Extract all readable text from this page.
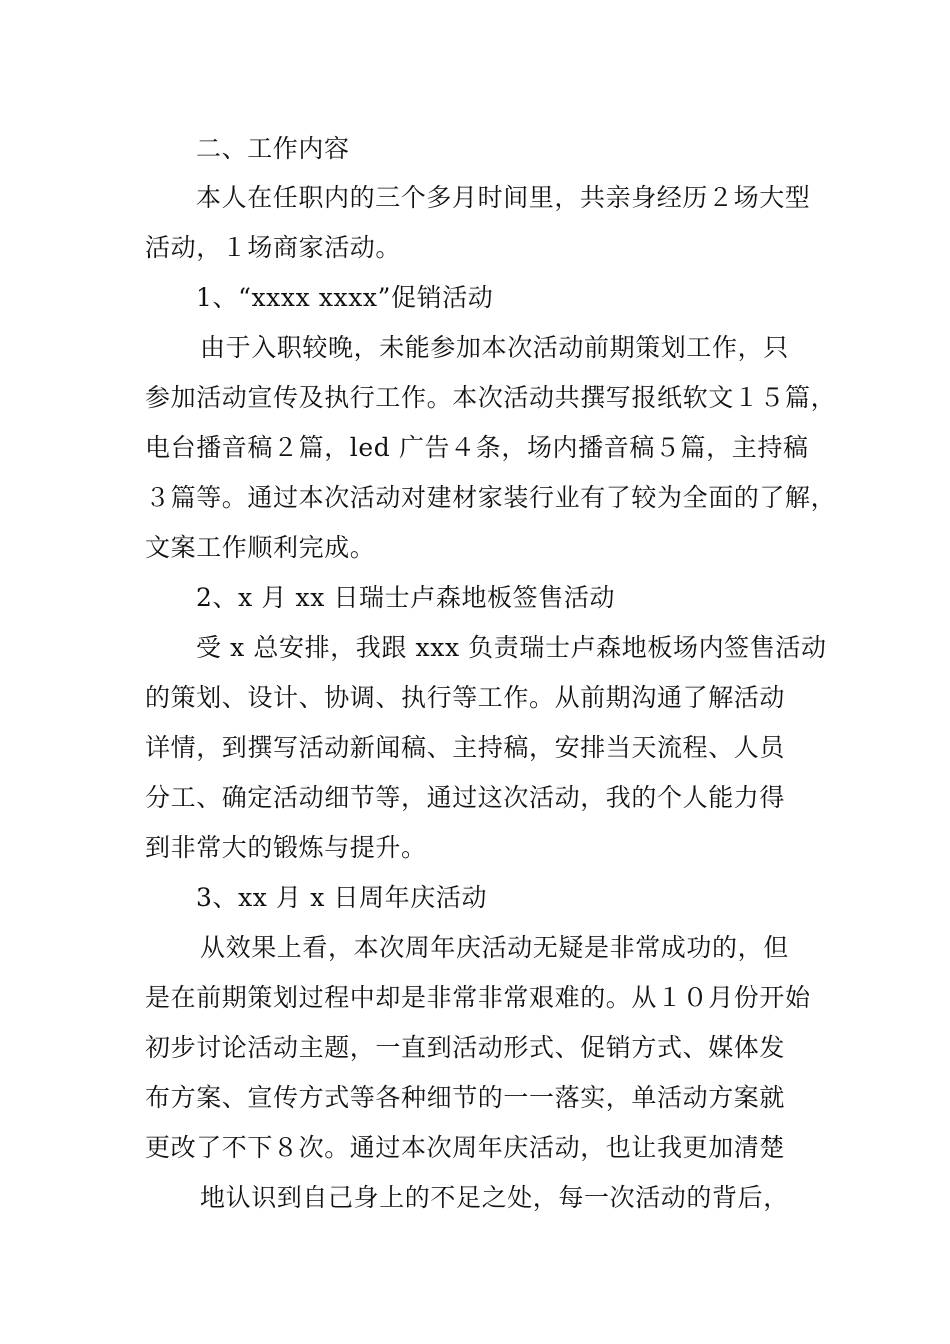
二、工作内容
本人在任职内的三个多月时间里，共亲身经历２场大型
活动，１场商家活动。
1、“xxxx xxxx”促销活动
由于入职较晚，未能参加本次活动前期策划工作，只
参加活动宣传及执行工作。本次活动共撰写报纸软文１５篇，
电台播音稿２篇，led 广告４条，场内播音稿５篇，主持稿
３篇等。通过本次活动对建材家装行业有了较为全面的了解，
文案工作顺利完成。
2、x 月 xx 日瑞士卢森地板签售活动
受 x 总安排，我跟 xxx 负责瑞士卢森地板场内签售活动
的策划、设计、协调、执行等工作。从前期沟通了解活动
详情，到撰写活动新闻稿、主持稿，安排当天流程、人员
分工、确定活动细节等，通过这次活动，我的个人能力得
到非常大的锻炼与提升。
3、xx 月 x 日周年庆活动
从效果上看，本次周年庆活动无疑是非常成功的，但
是在前期策划过程中却是非常非常艰难的。从１０月份开始
初步讨论活动主题，一直到活动形式、促销方式、媒体发
布方案、宣传方式等各种细节的一一落实，单活动方案就
更改了不下８次。通过本次周年庆活动，也让我更加清楚
地认识到自己身上的不足之处，每一次活动的背后，
